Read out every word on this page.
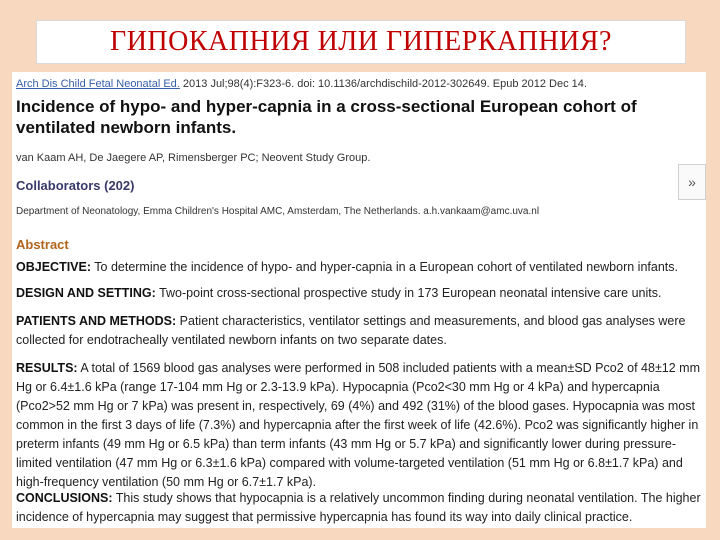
ГИПОКАПНИЯ ИЛИ ГИПЕРКАПНИЯ?
Arch Dis Child Fetal Neonatal Ed. 2013 Jul;98(4):F323-6. doi: 10.1136/archdischild-2012-302649. Epub 2012 Dec 14.
Incidence of hypo- and hyper-capnia in a cross-sectional European cohort of ventilated newborn infants.
van Kaam AH, De Jaegere AP, Rimensberger PC; Neovent Study Group.
Collaborators (202)	»
Department of Neonatology, Emma Children's Hospital AMC, Amsterdam, The Netherlands. a.h.vankaam@amc.uva.nl
Abstract
OBJECTIVE: To determine the incidence of hypo- and hyper-capnia in a European cohort of ventilated newborn infants.
DESIGN AND SETTING: Two-point cross-sectional prospective study in 173 European neonatal intensive care units.
PATIENTS AND METHODS: Patient characteristics, ventilator settings and measurements, and blood gas analyses were collected for endotracheally ventilated newborn infants on two separate dates.
RESULTS: A total of 1569 blood gas analyses were performed in 508 included patients with a mean±SD Pco2 of 48±12 mm Hg or 6.4±1.6 kPa (range 17-104 mm Hg or 2.3-13.9 kPa). Hypocapnia (Pco2<30 mm Hg or 4 kPa) and hypercapnia (Pco2>52 mm Hg or 7 kPa) was present in, respectively, 69 (4%) and 492 (31%) of the blood gases. Hypocapnia was most common in the first 3 days of life (7.3%) and hypercapnia after the first week of life (42.6%). Pco2 was significantly higher in preterm infants (49 mm Hg or 6.5 kPa) than term infants (43 mm Hg or 5.7 kPa) and significantly lower during pressure-limited ventilation (47 mm Hg or 6.3±1.6 kPa) compared with volume-targeted ventilation (51 mm Hg or 6.8±1.7 kPa) and high-frequency ventilation (50 mm Hg or 6.7±1.7 kPa).
CONCLUSIONS: This study shows that hypocapnia is a relatively uncommon finding during neonatal ventilation. The higher incidence of hypercapnia may suggest that permissive hypercapnia has found its way into daily clinical practice.
